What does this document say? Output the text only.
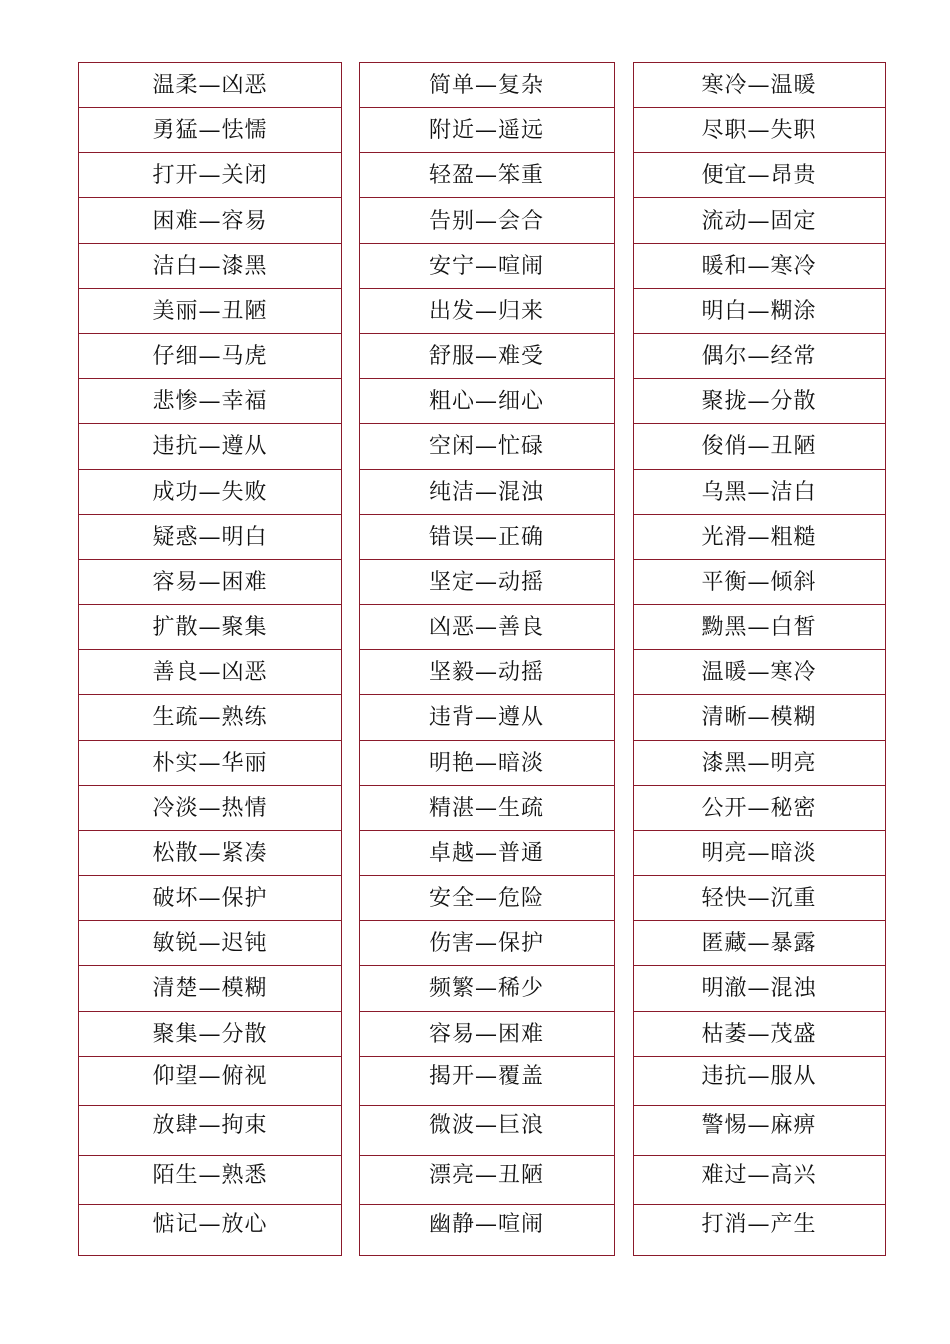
温柔—凶恶	简单—复杂	寒冷—温暖
勇猛—怯懦	附近—遥远	尽职—失职
打开—关闭	轻盈—笨重	便宜—昂贵
困难—容易	告别—会合	流动—固定
洁白—漆黑	安宁—喧闹	暖和—寒冷
美丽—丑陋	出发—归来	明白—糊涂
仔细—马虎	舒服—难受	偶尔—经常
悲惨—幸福	粗心—细心	聚拢—分散
违抗—遵从	空闲—忙碌	俊俏—丑陋
成功—失败	纯洁—混浊	乌黑—洁白
疑惑—明白	错误—正确	光滑—粗糙
容易—困难	坚定—动摇	平衡—倾斜
扩散—聚集	凶恶—善良	黝黑—白皙
善良—凶恶	坚毅—动摇	温暖—寒冷
生疏—熟练	违背—遵从	清晰—模糊
朴实—华丽	明艳—暗淡	漆黑—明亮
冷淡—热情	精湛—生疏	公开—秘密
松散—紧凑	卓越—普通	明亮—暗淡
破坏—保护	安全—危险	轻快—沉重
敏锐—迟钝	伤害—保护	匿藏—暴露
清楚—模糊	频繁—稀少	明澈—混浊
聚集—分散	容易—困难	枯萎—茂盛
仰望—俯视	揭开—覆盖	违抗—服从
放肆—拘束	微波—巨浪	警惕—麻痹
陌生—熟悉	漂亮—丑陋	难过—高兴
惦记—放心	幽静—喧闹	打消—产生
